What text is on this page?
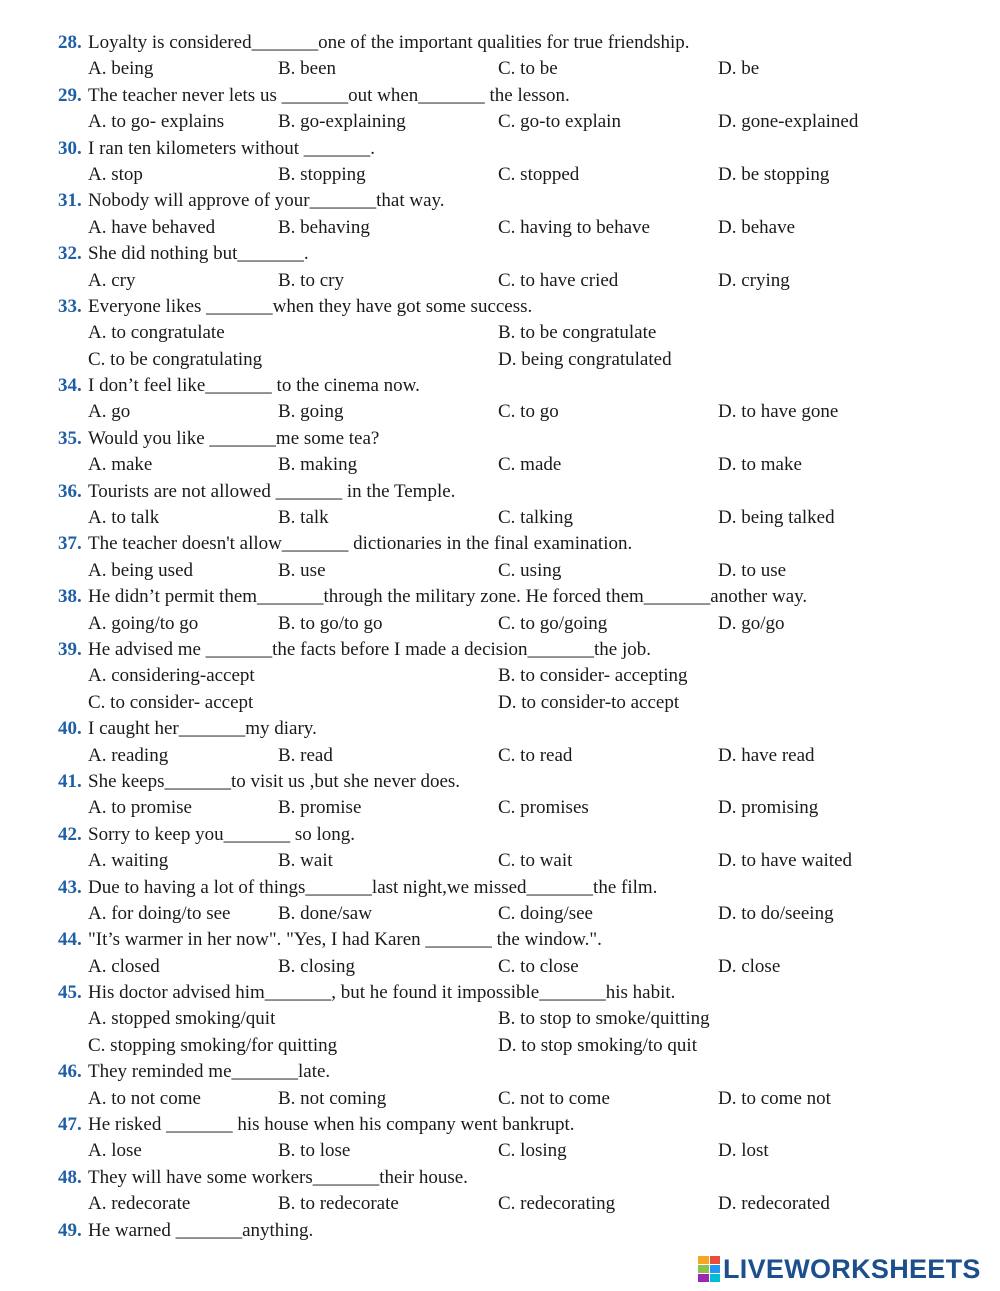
28. Loyalty is considered_______one of the important qualities for true friendship.
A. being	B. been	C. to be	D. be
29. The teacher never lets us _______out when_______ the lesson.
A. to go- explains	B. go-explaining	C. go-to explain	D. gone-explained
30. I ran ten kilometers without _______.
A. stop	B. stopping	C. stopped	D. be stopping
31. Nobody will approve of your_______that way.
A. have behaved	B. behaving	C. having to behave	D. behave
32. She did nothing but_______.
A. cry	B. to cry	C. to have cried	D. crying
33. Everyone likes _______when they have got some success.
A. to congratulate	B. to be congratulate
C. to be congratulating	D. being congratulated
34. I don’t feel like_______ to the cinema now.
A. go	B. going	C. to go	D. to have gone
35. Would you like _______me some tea?
A. make	B. making	C. made	D. to make
36. Tourists are not allowed _______ in the Temple.
A. to talk	B. talk	C. talking	D. being talked
37. The teacher doesn't allow_______ dictionaries in the final examination.
A. being used	B. use	C. using	D. to use
38. He didn’t permit them_______through the military zone. He forced them_______another way.
A. going/to go	B. to go/to go	C. to go/going	D. go/go
39. He advised me _______the facts before I made a decision_______the job.
A. considering-accept	B. to consider- accepting
C. to consider- accept	D. to consider-to accept
40. I caught her_______my diary.
A. reading	B. read	C. to read	D. have read
41. She keeps_______to visit us ,but she never does.
A. to promise	B. promise	C. promises	D. promising
42. Sorry to keep you_______ so long.
A. waiting	B. wait	C. to wait	D. to have waited
43. Due to having a lot of things_______last night,we missed_______the film.
A. for doing/to see	B. done/saw	C. doing/see	D. to do/seeing
44. "It’s warmer in her now". "Yes, I had Karen _______ the window.".
A. closed	B. closing	C. to close	D. close
45. His doctor advised him_______, but he found it impossible_______his habit.
A. stopped smoking/quit	B. to stop to smoke/quitting
C. stopping smoking/for quitting	D. to stop smoking/to quit
46. They reminded me_______late.
A. to not come	B. not coming	C. not to come	D. to come not
47. He risked _______ his house when his company went bankrupt.
A. lose	B. to lose	C. losing	D. lost
48. They will have some workers_______their house.
A. redecorate	B. to redecorate	C. redecorating	D. redecorated
49. He warned _______anything.
LIVEWORKSHEETS
